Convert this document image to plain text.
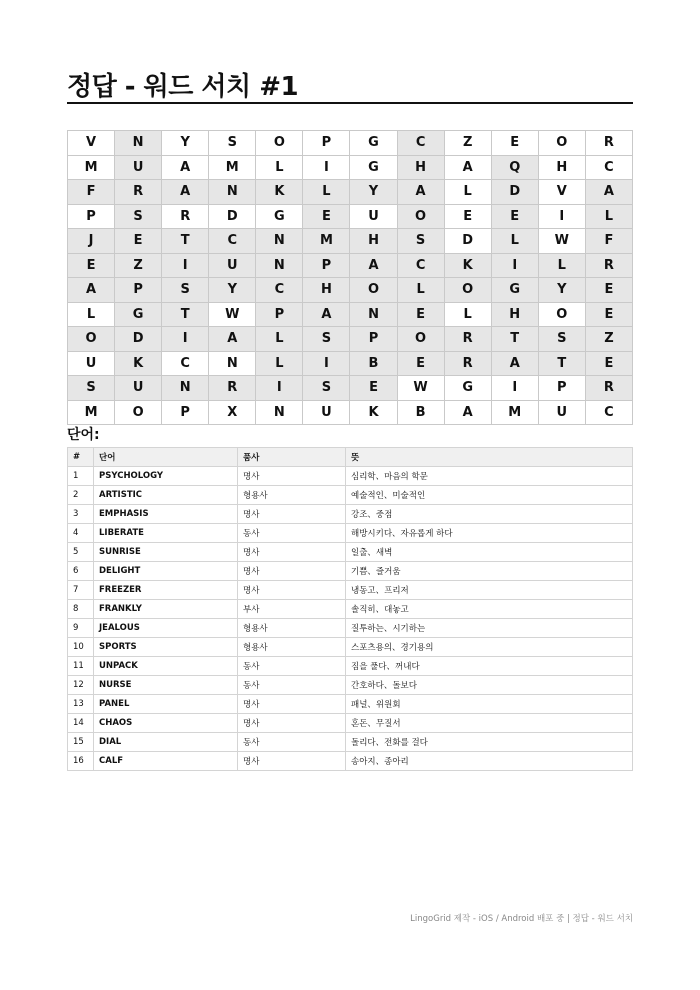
정답 - 워드 서치 #1
V	N	Y	S	O	P	G	C	Z	E	O	R
M	U	A	M	L	I	G	H	A	Q	H	C
F	R	A	N	K	L	Y	A	L	D	V	A
P	S	R	D	G	E	U	O	E	E	I	L
J	E	T	C	N	M	H	S	D	L	W	F
E	Z	I	U	N	P	A	C	K	I	L	R
A	P	S	Y	C	H	O	L	O	G	Y	E
L	G	T	W	P	A	N	E	L	H	O	E
O	D	I	A	L	S	P	O	R	T	S	Z
U	K	C	N	L	I	B	E	R	A	T	E
S	U	N	R	I	S	E	W	G	I	P	R
M	O	P	X	N	U	K	B	A	M	U	C
단어:
#	단어	품사	뜻
1	PSYCHOLOGY	명사	심리학、마음의 학문
2	ARTISTIC	형용사	예술적인、미술적인
3	EMPHASIS	명사	강조、중점
4	LIBERATE	동사	해방시키다、자유롭게 하다
5	SUNRISE	명사	일출、새벽
6	DELIGHT	명사	기쁨、즐거움
7	FREEZER	명사	냉동고、프리저
8	FRANKLY	부사	솔직히、대놓고
9	JEALOUS	형용사	질투하는、시기하는
10	SPORTS	형용사	스포츠용의、경기용의
11	UNPACK	동사	짐을 풀다、꺼내다
12	NURSE	동사	간호하다、돌보다
13	PANEL	명사	패널、위원회
14	CHAOS	명사	혼돈、무질서
15	DIAL	동사	돌리다、전화를 걸다
16	CALF	명사	송아지、종아리
LingoGrid 제작 - iOS / Android 배포 중 | 정답 - 워드 서치
